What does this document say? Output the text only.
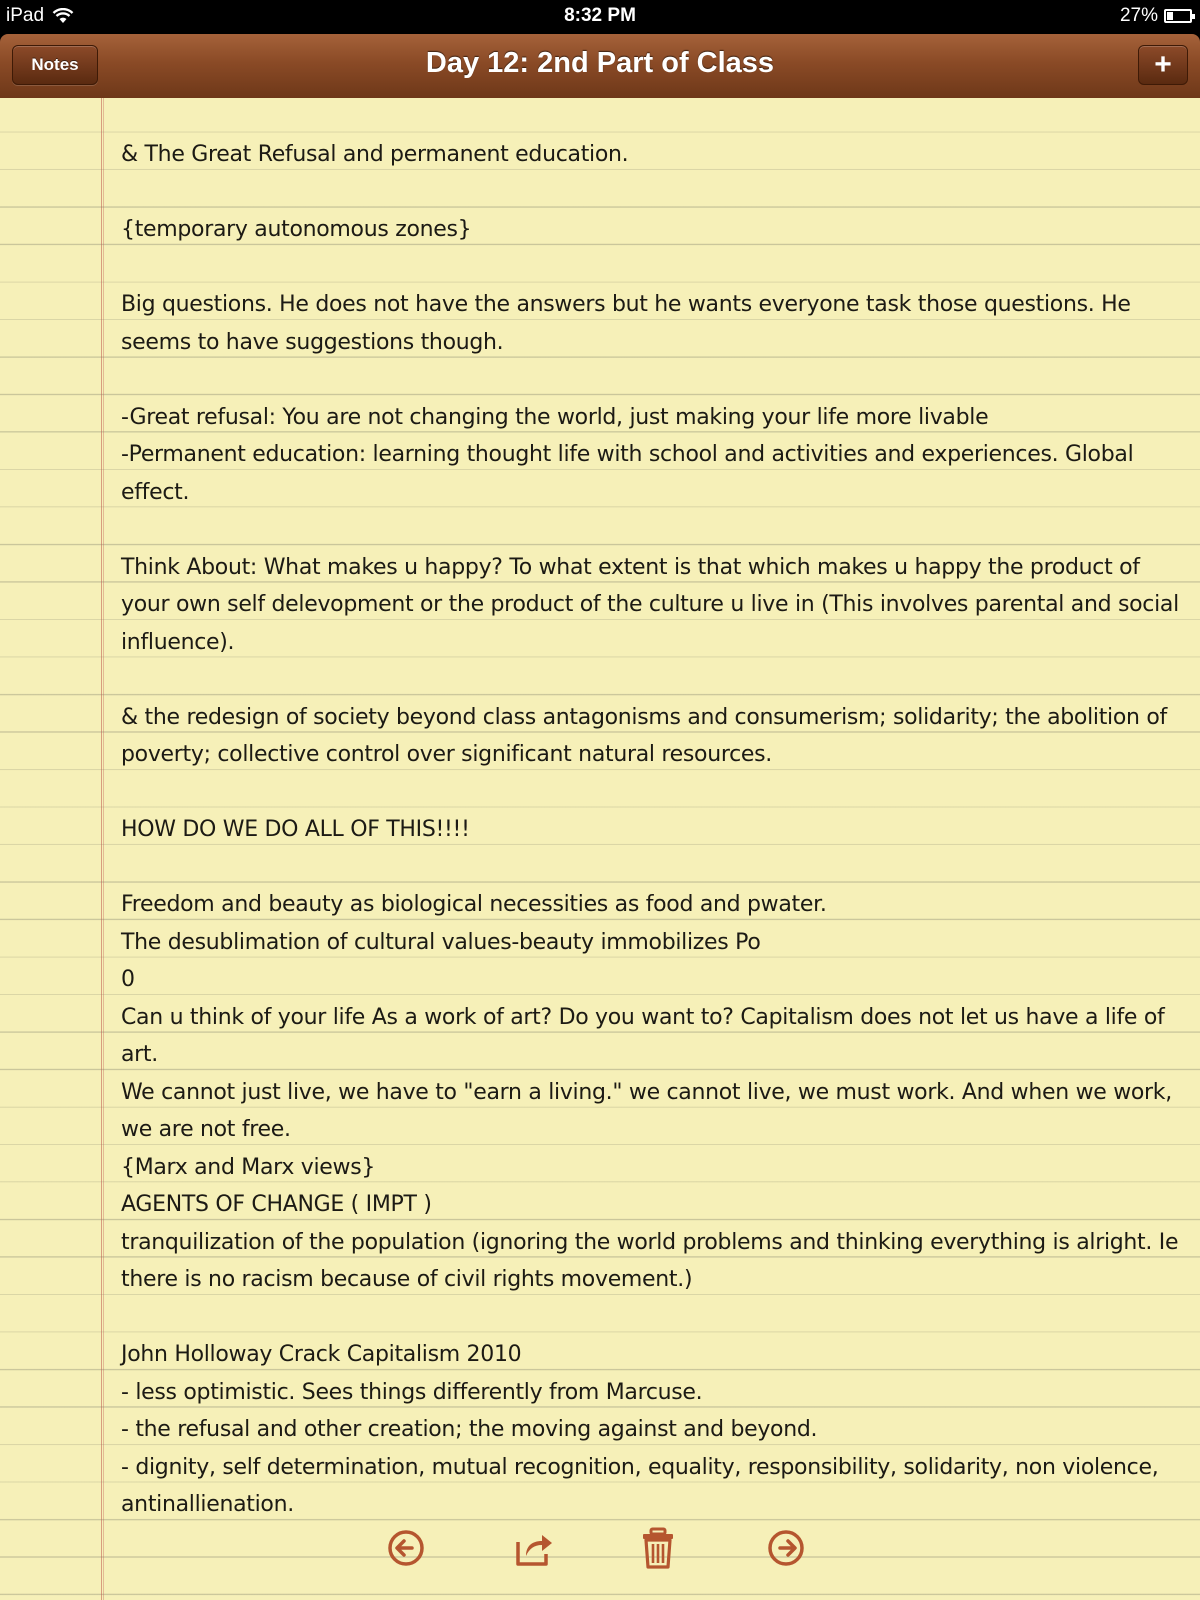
iPad	8:32 PM	27%
Notes	Day 12: 2nd Part of Class	+
& The Great Refusal and permanent education.
{temporary autonomous zones}
Big questions. He does not have the answers but he wants everyone task those questions. He seems to have suggestions though.
-Great refusal: You are not changing the world, just making your life more livable
-Permanent education: learning thought life with school and activities and experiences. Global effect.
Think About: What makes u happy? To what extent is that which makes u happy the product of your own self delevopment or the product of the culture u live in (This involves parental and social influence).
& the redesign of society beyond class antagonisms and consumerism; solidarity; the abolition of poverty; collective control over significant natural resources.
HOW DO WE DO ALL OF THIS!!!!
Freedom and beauty as biological necessities as food and pwater.
The desublimation of cultural values-beauty immobilizes Po
0
Can u think of your life As a work of art? Do you want to? Capitalism does not let us have a life of art.
We cannot just live, we have to "earn a living." we cannot live, we must work. And when we work, we are not free.
{Marx and Marx views}
AGENTS OF CHANGE ( IMPT )
tranquilization of the population (ignoring the world problems and thinking everything is alright. Ie there is no racism because of civil rights movement.)
John Holloway Crack Capitalism 2010
- less optimistic. Sees things differently from Marcuse.
- the refusal and other creation; the moving against and beyond.
- dignity, self determination, mutual recognition, equality, responsibility, solidarity, non violence, antinallienation.
